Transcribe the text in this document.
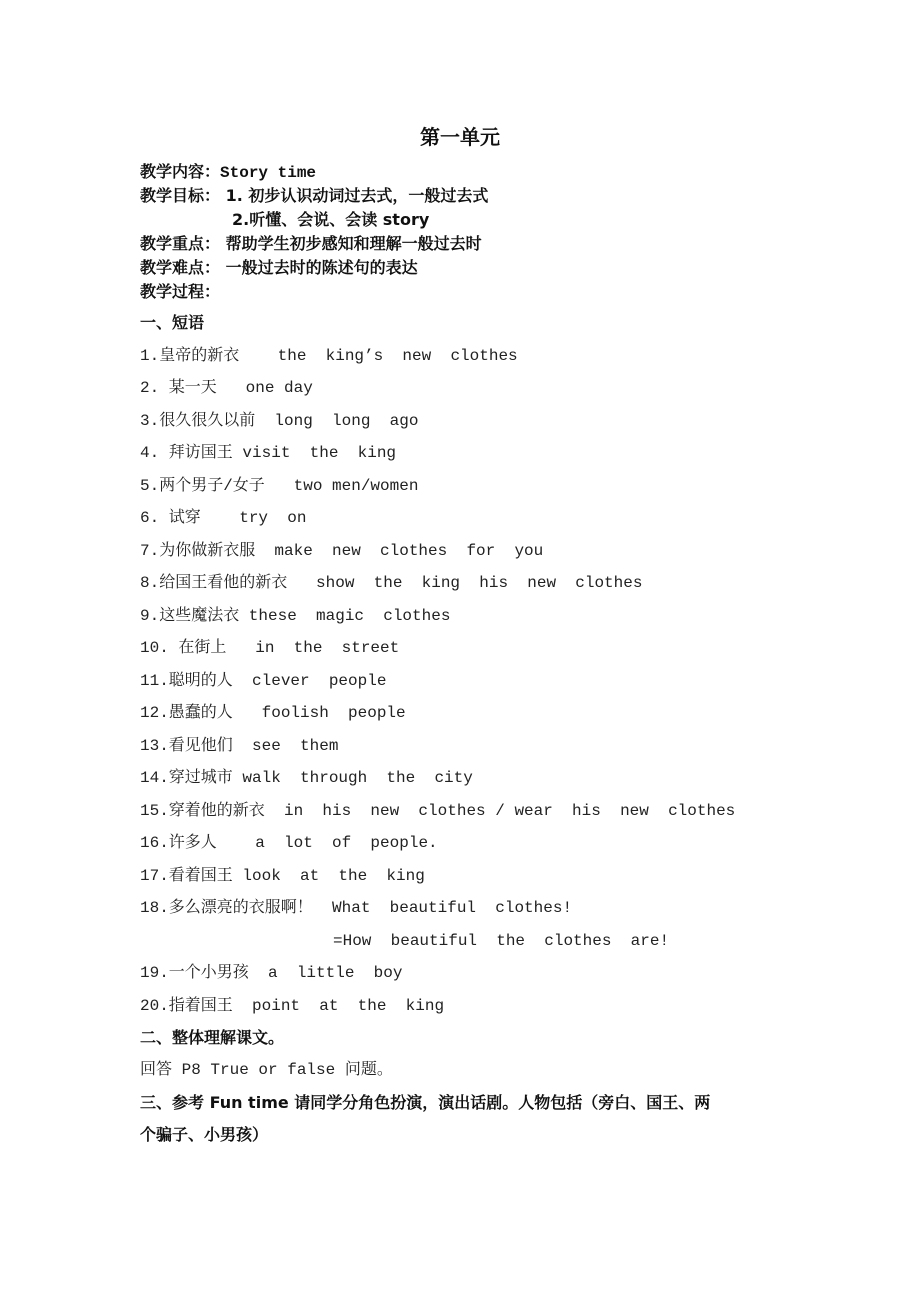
第一单元
教学内容：Story time
教学目标： 1. 初步认识动词过去式，一般过去式
2.听懂、会说、会读 story
教学重点： 帮助学生初步感知和理解一般过去时
教学难点： 一般过去时的陈述句的表达
教学过程：
一、短语
1.皇帝的新衣    the  king’s  new  clothes
2. 某一天   one day
3.很久很久以前  long  long  ago
4. 拜访国王 visit  the  king
5.两个男子/女子   two men/women
6. 试穿    try  on
7.为你做新衣服  make  new  clothes  for  you
8.给国王看他的新衣   show  the  king  his  new  clothes
9.这些魔法衣 these  magic  clothes
10. 在街上   in  the  street
11.聪明的人  clever  people
12.愚蠢的人   foolish  people
13.看见他们  see  them
14.穿过城市 walk  through  the  city
15.穿着他的新衣  in  his  new  clothes / wear  his  new  clothes
16.许多人    a  lot  of  people.
17.看着国王 look  at  the  king
18.多么漂亮的衣服啊！  What  beautiful  clothes!
=How  beautiful  the  clothes  are!
19.一个小男孩  a  little  boy
20.指着国王  point  at  the  king
二、整体理解课文。
回答 P8 True or false 问题。
三、参考 Fun time 请同学分角色扮演，演出话剧。人物包括（旁白、国王、两
个骗子、小男孩）
